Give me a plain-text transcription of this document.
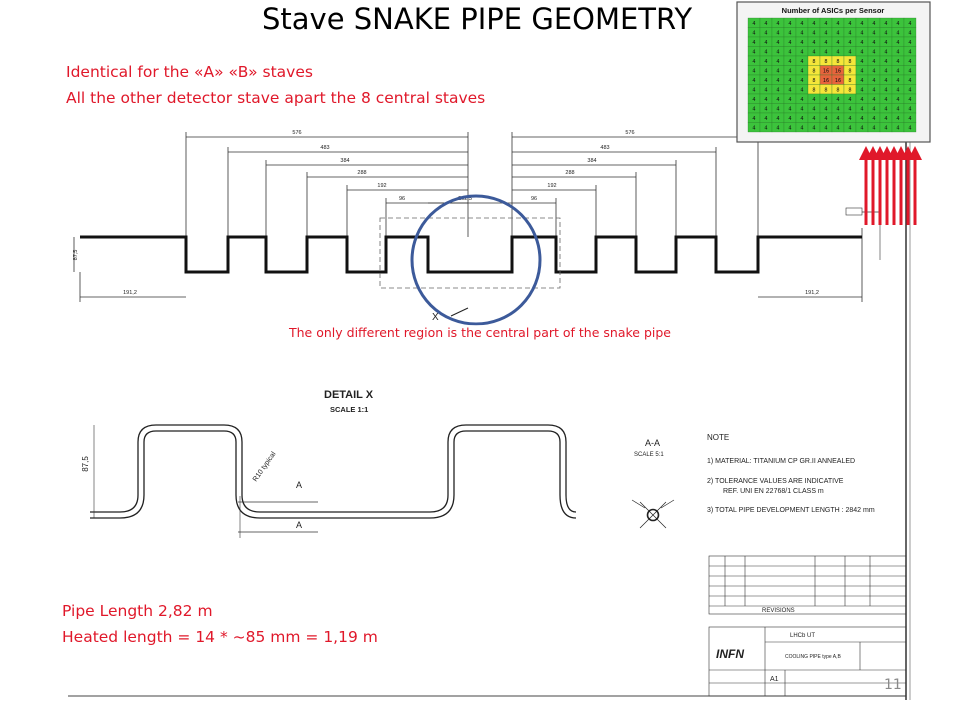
Stave SNAKE PIPE GEOMETRY
Identical for the «A» «B» staves
All the other detector stave apart the 8 central staves
Pipe Length 2,82 m
Heated length = 14 * ~85 mm = 1,19 m
576
483
384
288
192
96
576
483
384
288
192
96
202,5
191,2	191,2
87,5
X
DETAIL X
SCALE 1:1
87,5	R10 typical
A
A
A-A
SCALE 5:1
NOTE
1) MATERIAL: TITANIUM CP GR.II ANNEALED
2) TOLERANCE VALUES ARE INDICATIVE
REF. UNI EN 22768/1 CLASS m
3) TOTAL PIPE DEVELOPMENT LENGTH : 2842 mm
REVISIONS
INFN
LHCb UT
COOLING PIPE type A,B
A1
Number of ASICs per Sensor
4 4 4 4 4 4 4 4 4 4 4 4 4 4
4 4 4 4 4 4 4 4 4 4 4 4 4 4
4 4 4 4 4 4 4 4 4 4 4 4 4 4
4 4 4 4 4 4 4 4 4 4 4 4 4 4
4 4 4 4 4 8 8 8 8 4 4 4 4 4
4 4 4 4 4 8 16 16 8 4 4 4 4 4
4 4 4 4 4 8 16 16 8 4 4 4 4 4
4 4 4 4 4 8 8 8 8 4 4 4 4 4
4 4 4 4 4 4 4 4 4 4 4 4 4 4
4 4 4 4 4 4 4 4 4 4 4 4 4 4
4 4 4 4 4 4 4 4 4 4 4 4 4 4
4 4 4 4 4 4 4 4 4 4 4 4 4 4
The only different region is the central part of the snake pipe
11
